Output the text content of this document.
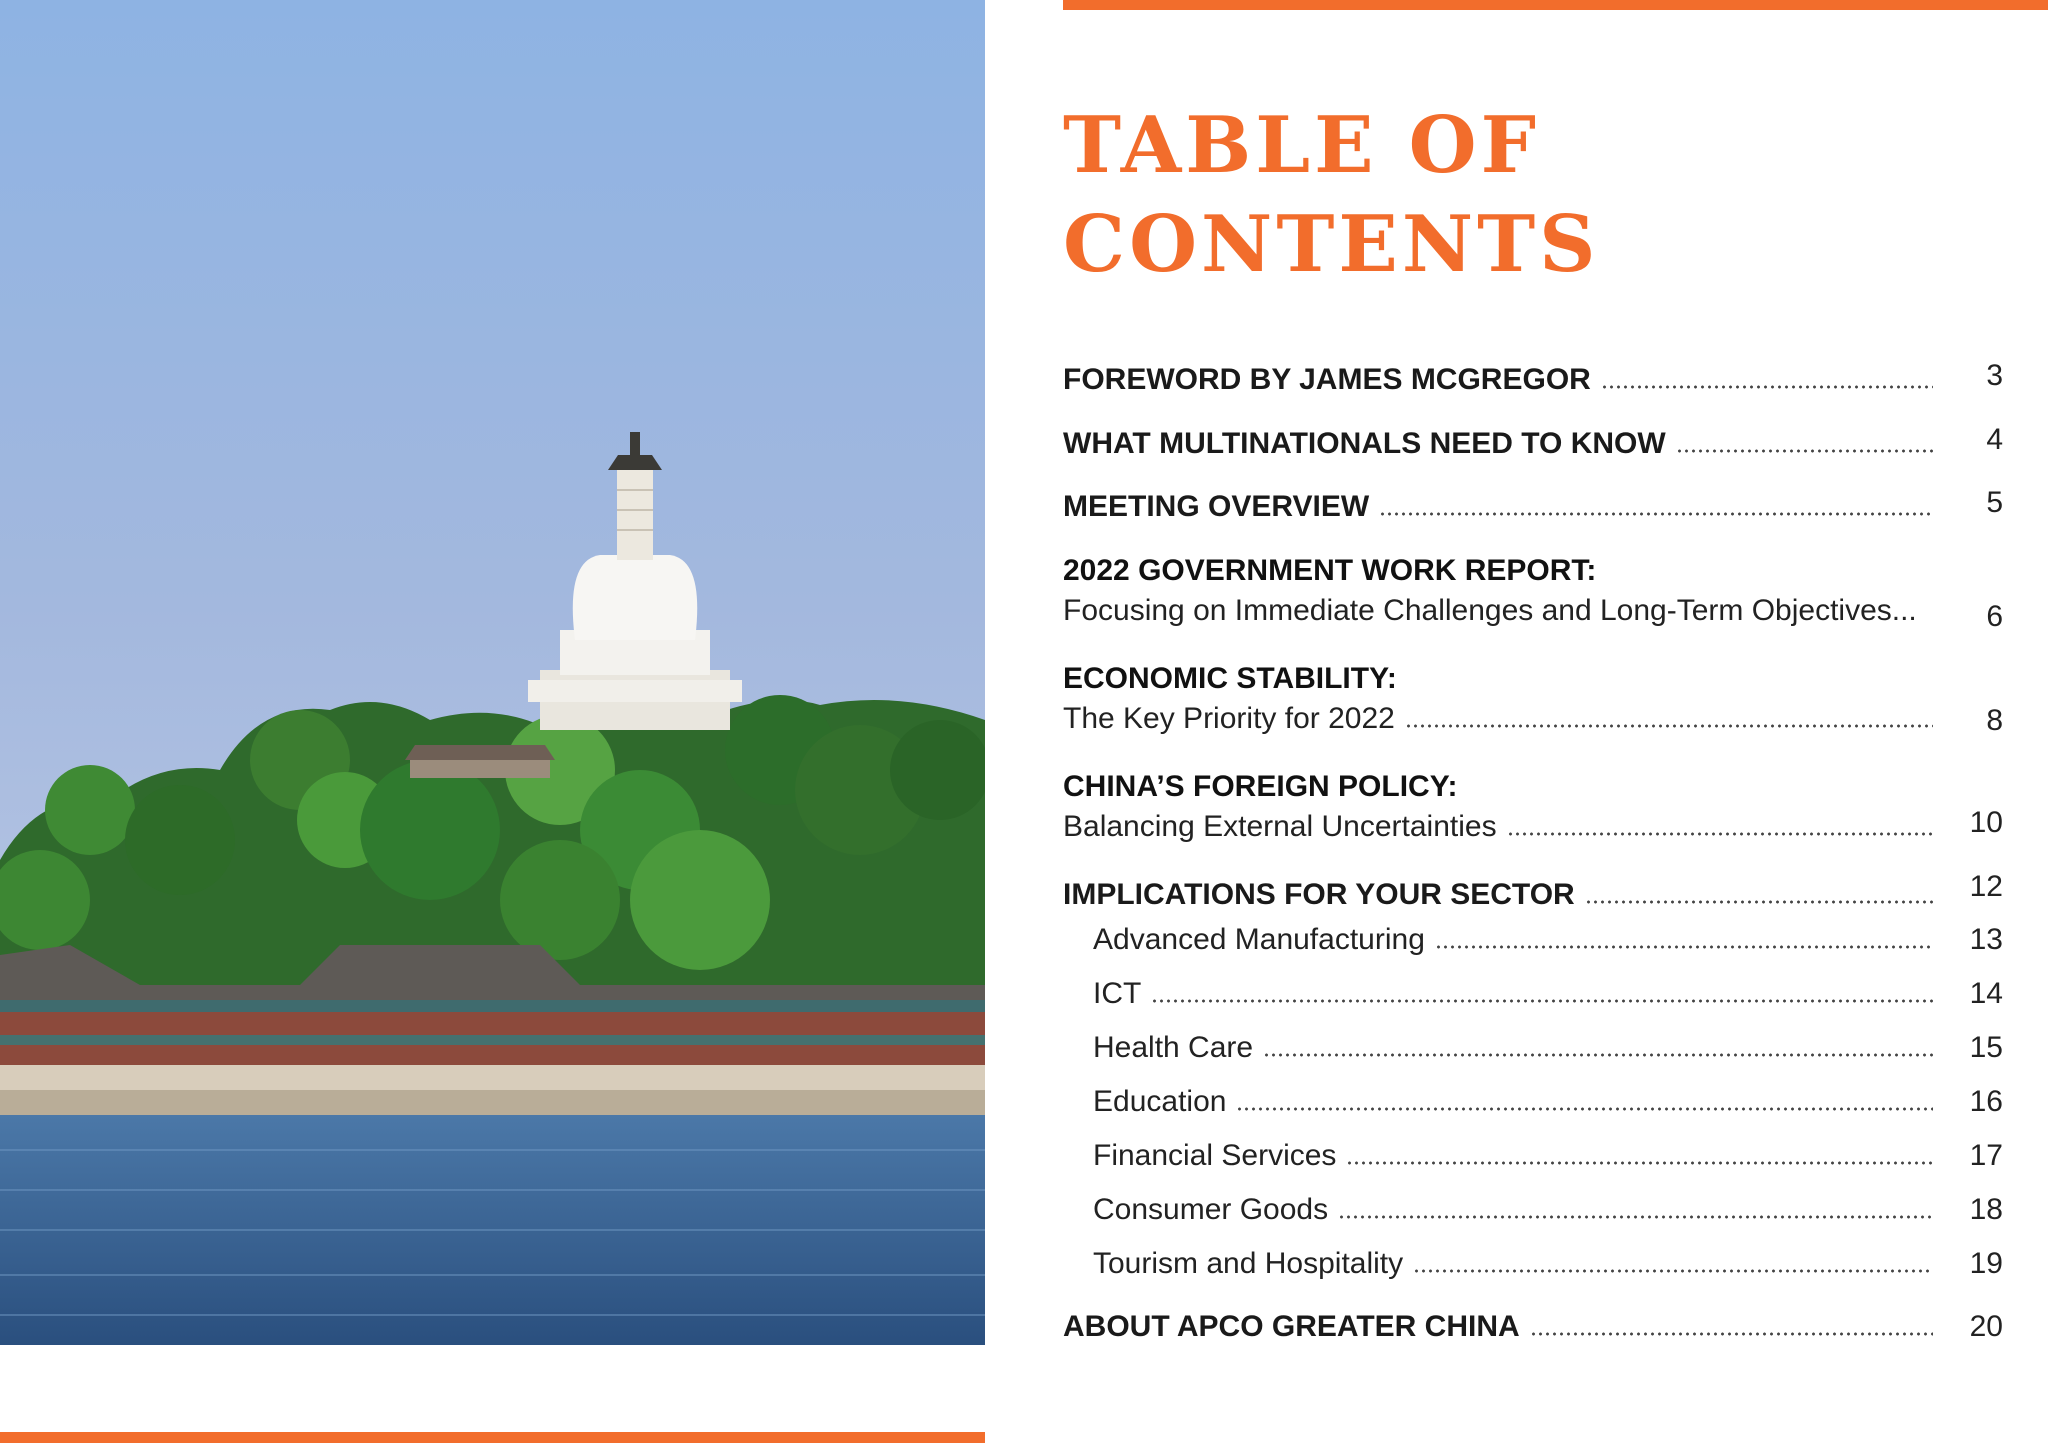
TABLE OF
CONTENTS
FOREWORD BY JAMES MCGREGOR	3
WHAT MULTINATIONALS NEED TO KNOW	4
MEETING OVERVIEW	5
2022 GOVERNMENT WORK REPORT:
Focusing on Immediate Challenges and Long-Term Objectives...	6
ECONOMIC STABILITY:
The Key Priority for 2022	8
CHINA’S FOREIGN POLICY:
Balancing External Uncertainties	10
IMPLICATIONS FOR YOUR SECTOR	12
Advanced Manufacturing	13
ICT	14
Health Care	15
Education	16
Financial Services	17
Consumer Goods	18
Tourism and Hospitality	19
ABOUT APCO GREATER CHINA	20
